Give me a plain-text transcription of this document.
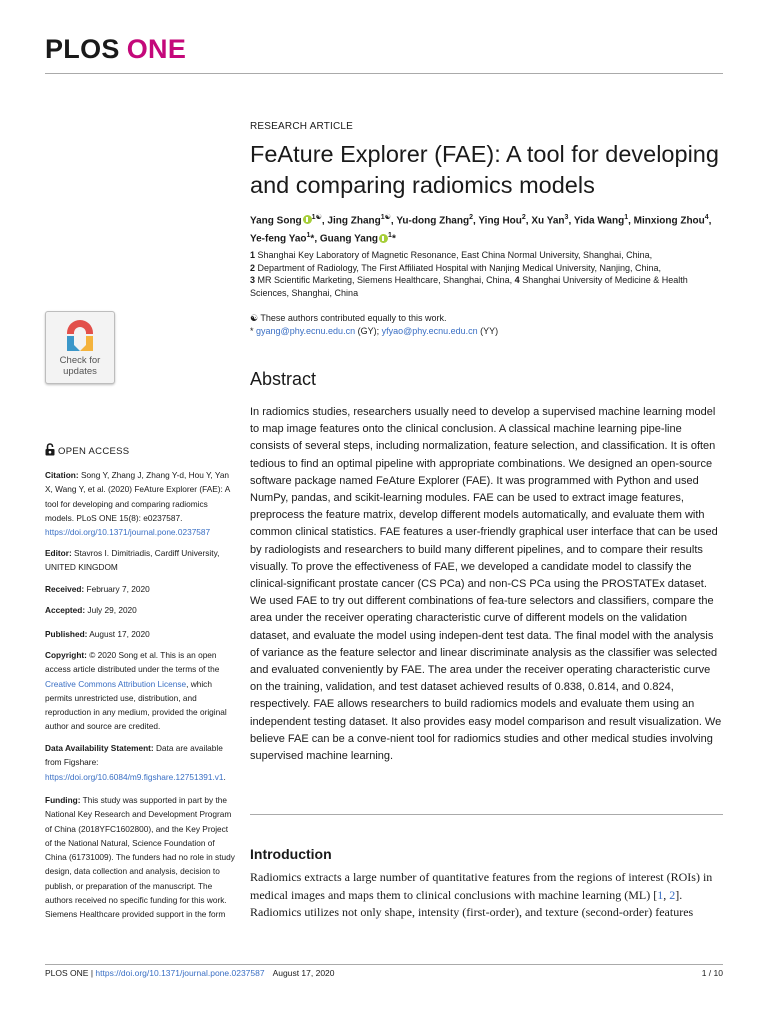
PLOS ONE
Check for
updates
OPEN ACCESS
Citation: Song Y, Zhang J, Zhang Y-d, Hou Y, Yan X, Wang Y, et al. (2020) FeAture Explorer (FAE): A tool for developing and comparing radiomics models. PLoS ONE 15(8): e0237587. https://doi.org/10.1371/journal.pone.0237587
Editor: Stavros I. Dimitriadis, Cardiff University, UNITED KINGDOM
Received: February 7, 2020
Accepted: July 29, 2020
Published: August 17, 2020
Copyright: © 2020 Song et al. This is an open access article distributed under the terms of the Creative Commons Attribution License, which permits unrestricted use, distribution, and reproduction in any medium, provided the original author and source are credited.
Data Availability Statement: Data are available from Figshare: https://doi.org/10.6084/m9.figshare.12751391.v1.
Funding: This study was supported in part by the National Key Research and Development Program of China (2018YFC1602800), and the Key Project of the National Natural, Science Foundation of China (61731009). The funders had no role in study design, data collection and analysis, decision to publish, or preparation of the manuscript. The authors received no specific funding for this work. Siemens Healthcare provided support in the form
RESEARCH ARTICLE
FeAture Explorer (FAE): A tool for developing and comparing radiomics models
Yang Song $^{1☯}$, Jing Zhang$^{1☯}$, Yu-dong Zhang$^2$, Ying Hou$^2$, Xu Yan$^3$, Yida Wang$^1$, Minxiong Zhou$^4$, Ye-feng Yao$^1$*, Guang Yang $^1$*
1 Shanghai Key Laboratory of Magnetic Resonance, East China Normal University, Shanghai, China,
2 Department of Radiology, The First Affiliated Hospital with Nanjing Medical University, Nanjing, China,
3 MR Scientific Marketing, Siemens Healthcare, Shanghai, China, 4 Shanghai University of Medicine & Health Sciences, Shanghai, China
☯ These authors contributed equally to this work.
* gyang@phy.ecnu.edu.cn (GY); yfyao@phy.ecnu.edu.cn (YY)
Abstract

In radiomics studies, researchers usually need to develop a supervised machine learning model to map image features onto the clinical conclusion. A classical machine learning pipe-line consists of several steps, including normalization, feature selection, and classification. It is often tedious to find an optimal pipeline with appropriate combinations. We designed an open-source software package named FeAture Explorer (FAE). It was programmed with Python and used NumPy, pandas, and scikit-learning modules. FAE can be used to extract image features, preprocess the feature matrix, develop different models automatically, and evaluate them with common clinical statistics. FAE features a user-friendly graphical user interface that can be used by radiologists and researchers to build many different pipelines, and to compare their results visually. To prove the effectiveness of FAE, we developed a candidate model to classify the clinical-significant prostate cancer (CS PCa) and non-CS PCa using the PROSTATEx dataset. We used FAE to try out different combinations of fea-ture selectors and classifiers, compare the area under the receiver operating characteristic curve of different models on the validation dataset, and evaluate the model using indepen-dent test data. The final model with the analysis of variance as the feature selector and linear discriminate analysis as the classifier was selected and evaluated conveniently by FAE. The area under the receiver operating characteristic curve on the training, validation, and test dataset achieved results of 0.838, 0.814, and 0.824, respectively. FAE allows researchers to build radiomics models and evaluate them using an independent testing dataset. It also provides easy model comparison and result visualization. We believe FAE can be a conve-nient tool for radiomics studies and other medical studies involving supervised machine learning.

Introduction

Radiomics extracts a large number of quantitative features from the regions of interest (ROIs) in medical images and maps them to clinical conclusions with machine learning (ML) [1, 2]. Radiomics utilizes not only shape, intensity (first-order), and texture (second-order) features

PLOS ONE | https://doi.org/10.1371/journal.pone.0237587 August 17, 2020	1 / 10
